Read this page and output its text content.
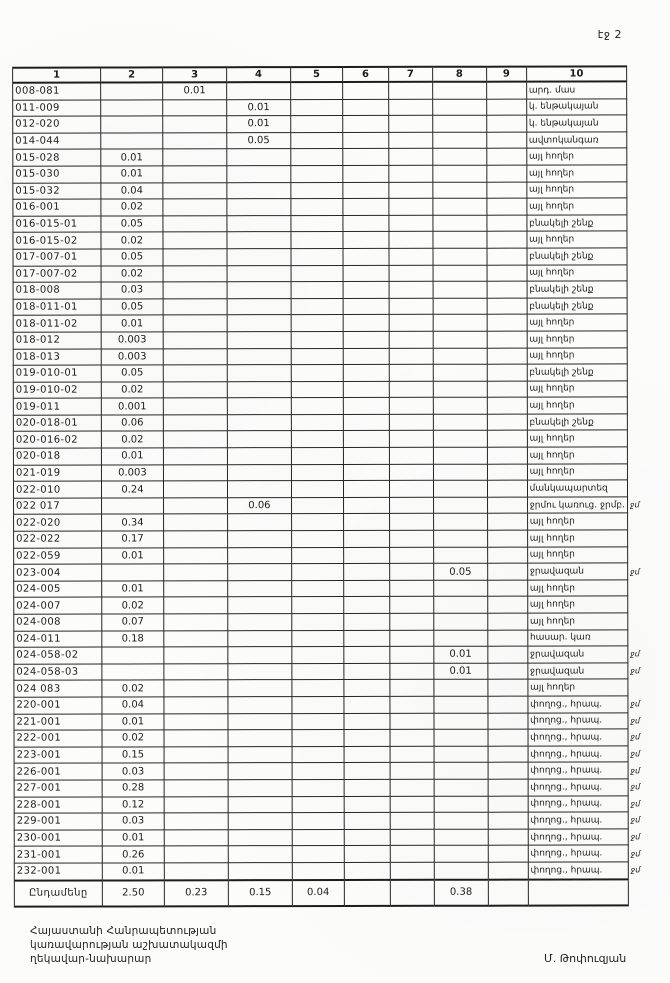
էջ 2
1	2	3	4	5	6	7	8	9	10	
008-081		0.01							արդ. մաս	
011-009			0.01						կ. ենթակայան	
012-020			0.01						կ. ենթակայան	
014-044			0.05						ավտոկանգառ	
015-028	0.01								այլ հողեր	
015-030	0.01								այլ հողեր	
015-032	0.04								այլ հողեր	
016-001	0.02								այլ հողեր	
016-015-01	0.05								բնակելի շենք	
016-015-02	0.02								այլ հողեր	
017-007-01	0.05								բնակելի շենք	
017-007-02	0.02								այլ հողեր	
018-008	0.03								բնակելի շենք	
018-011-01	0.05								բնակելի շենք	
018-011-02	0.01								այլ հողեր	
018-012	0.003								այլ հողեր	
018-013	0.003								այլ հողեր	
019-010-01	0.05								բնակելի շենք	
019-010-02	0.02								այլ հողեր	
019-011	0.001								այլ հողեր	
020-018-01	0.06								բնակելի շենք	
020-016-02	0.02								այլ հողեր	
020-018	0.01								այլ հողեր	
021-019	0.003								այլ հողեր	
022-010	0.24								մանկապարտեզ	
022 017			0.06						ջրմու կառուց. ջրմբ.	ջմ
022-020	0.34								այլ հողեր	
022-022	0.17								այլ հողեր	
022-059	0.01								այլ հողեր	
023-004							0.05		ջրավազան	ջմ
024-005	0.01								այլ հողեր	
024-007	0.02								այլ հողեր	
024-008	0.07								այլ հողեր	
024-011	0.18								հասար. կառ	
024-058-02							0.01		ջրավազան	ջմ
024-058-03							0.01		ջրավազան	ջմ
024 083	0.02								այլ հողեր	
220-001	0.04								փողոց., հրապ.	ջմ
221-001	0.01								փողոց., հրապ.	ջմ
222-001	0.02								փողոց., հրապ.	ջմ
223-001	0.15								փողոց., հրապ.	ջմ
226-001	0.03								փողոց., հրապ.	ջմ
227-001	0.28								փողոց., հրապ.	ջմ
228-001	0.12								փողոց., հրապ.	ջմ
229-001	0.03								փողոց., հրապ.	ջմ
230-001	0.01								փողոց., հրապ.	ջմ
231-001	0.26								փողոց., հրապ.	ջմ
232-001	0.01								փողոց., հրապ.	ջմ
Ընդամենը	2.50	0.23	0.15	0.04			0.38			
Հայաստանի Հանրապետության
կառավարության աշխատակազմի
ղեկավար-նախարար	Մ. Թոփուզյան
